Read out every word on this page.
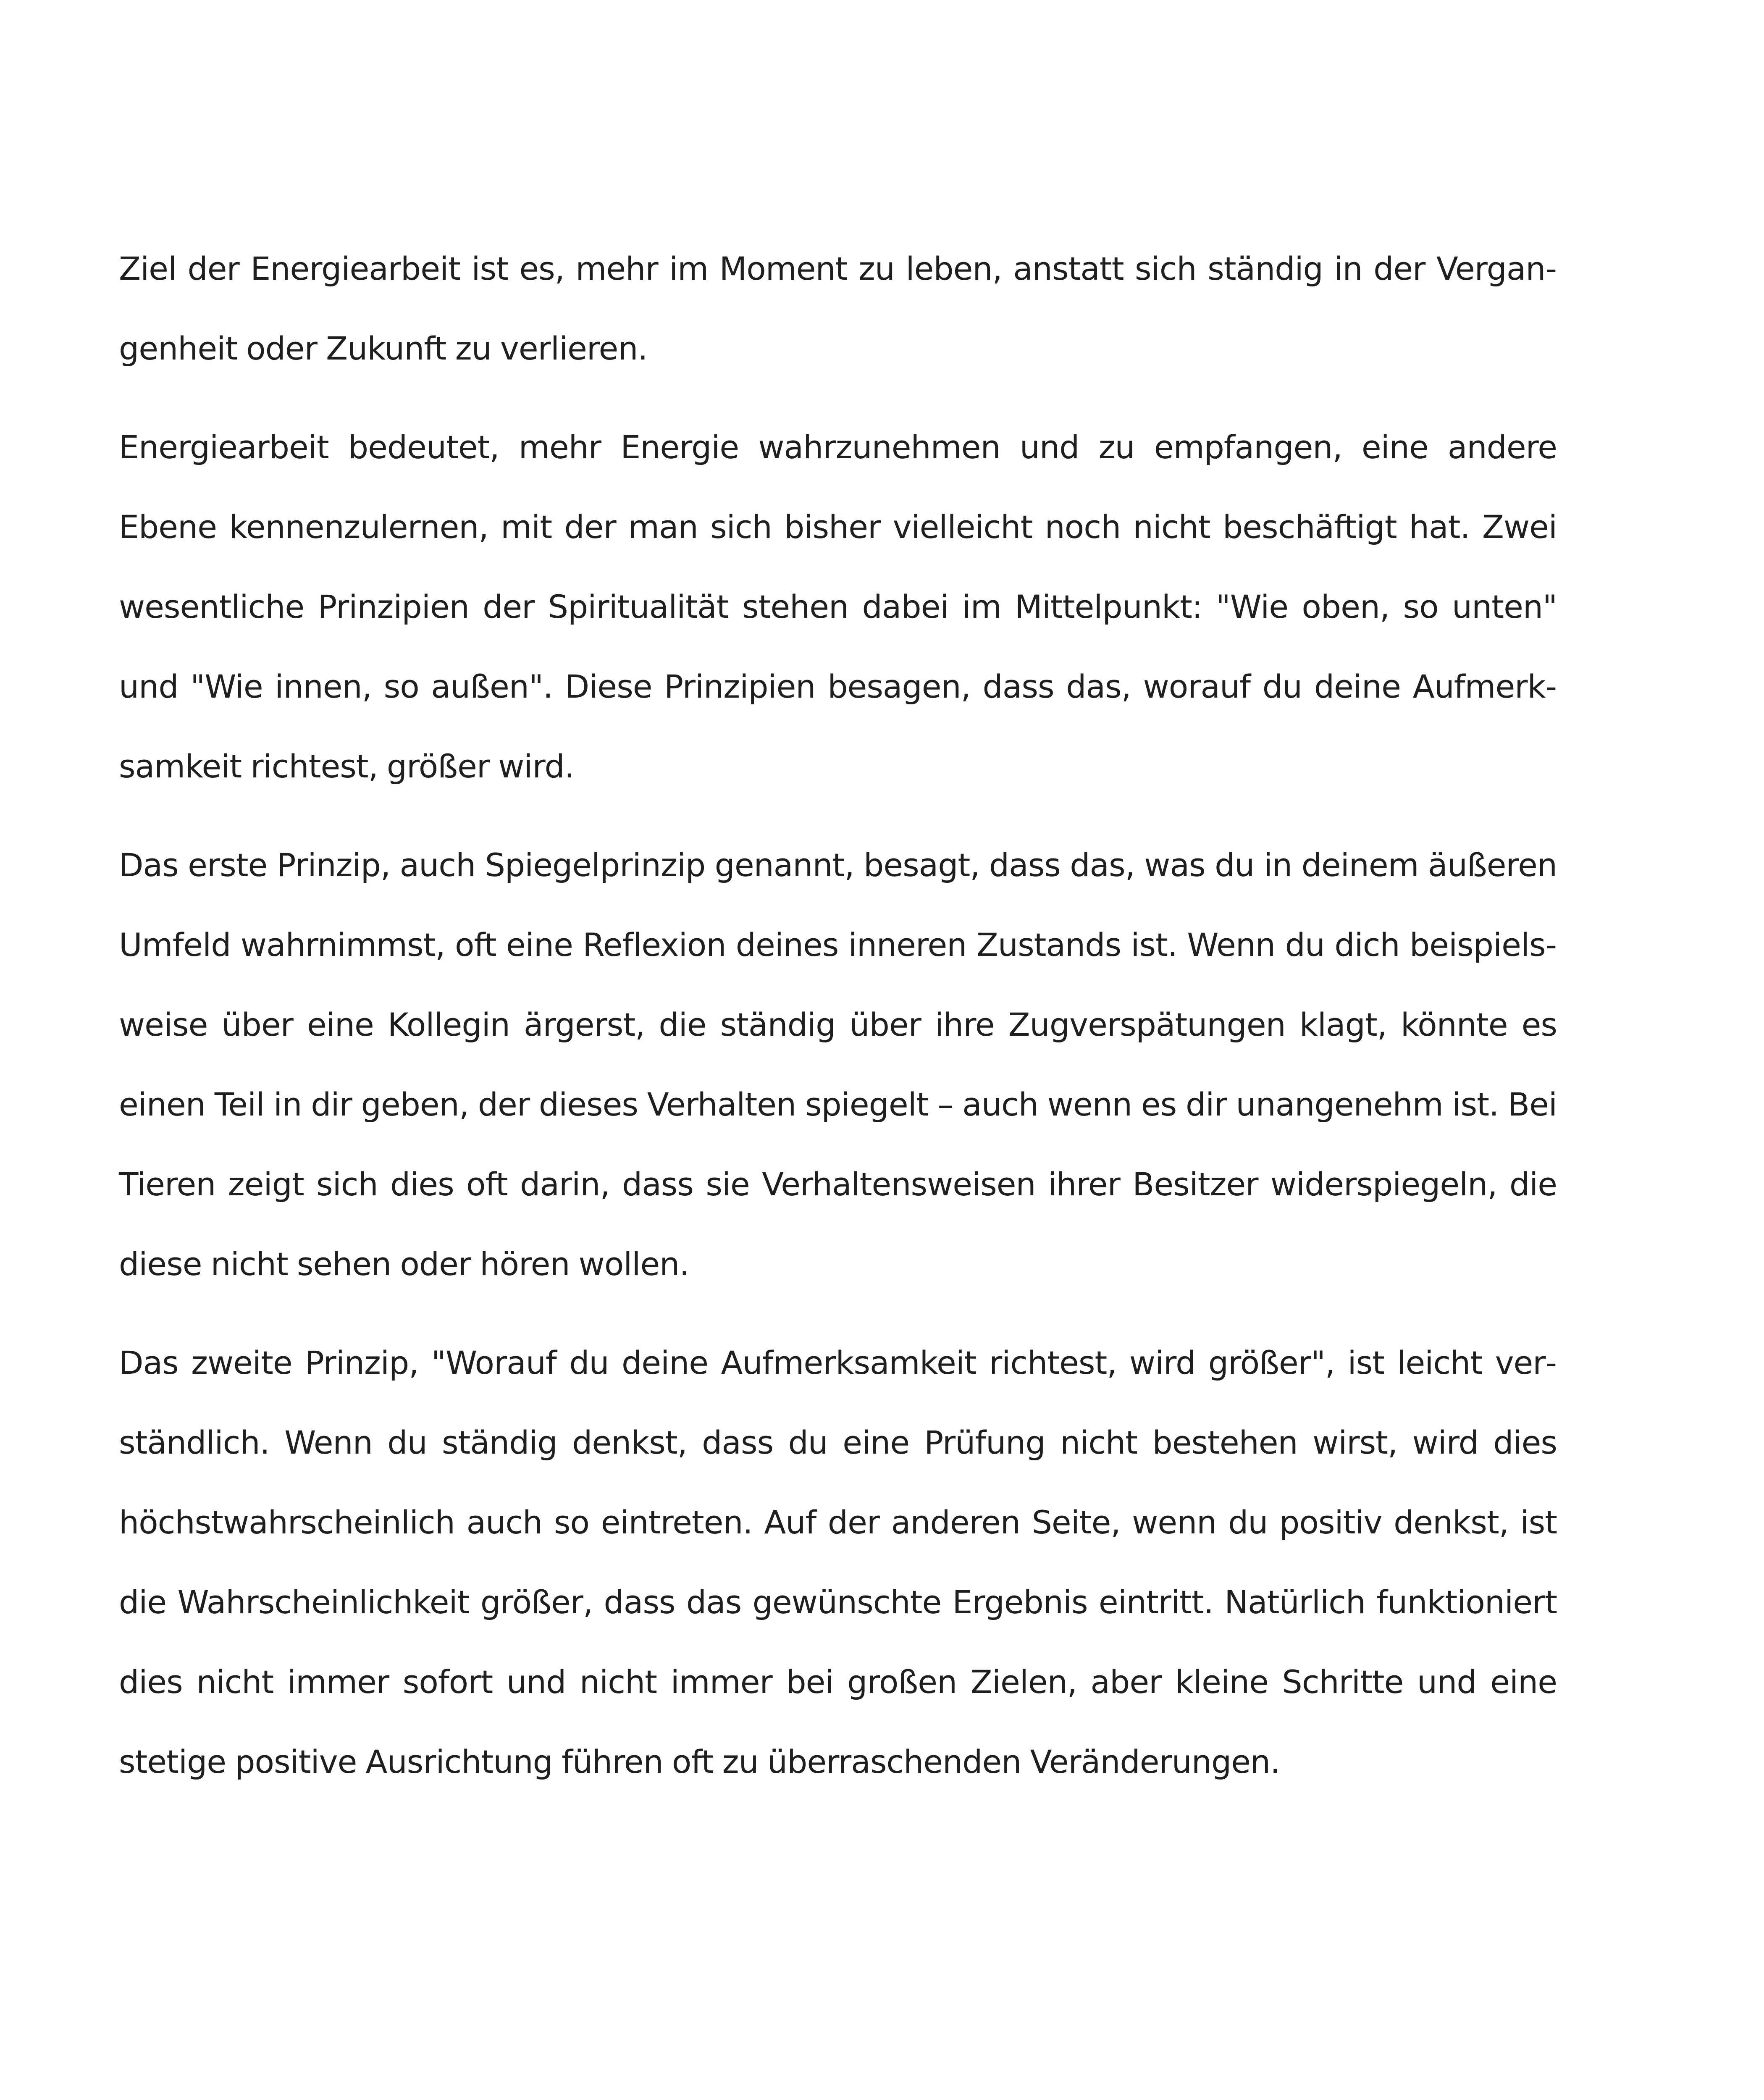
Ziel der Energiearbeit ist es, mehr im Moment zu leben, anstatt sich ständig in der Vergangenheit oder Zukunft zu verlieren.

Energiearbeit bedeutet, mehr Energie wahrzunehmen und zu empfangen, eine andere Ebene kennenzulernen, mit der man sich bisher vielleicht noch nicht beschäftigt hat. Zwei wesentliche Prinzipien der Spiritualität stehen dabei im Mittelpunkt: "Wie oben, so unten" und "Wie innen, so außen". Diese Prinzipien besagen, dass das, worauf du deine Aufmerksamkeit richtest, größer wird.

Das erste Prinzip, auch Spiegelprinzip genannt, besagt, dass das, was du in deinem äußeren Umfeld wahrnimmst, oft eine Reflexion deines inneren Zustands ist. Wenn du dich beispielsweise über eine Kollegin ärgerst, die ständig über ihre Zugverspätungen klagt, könnte es einen Teil in dir geben, der dieses Verhalten spiegelt – auch wenn es dir unangenehm ist. Bei Tieren zeigt sich dies oft darin, dass sie Verhaltensweisen ihrer Besitzer widerspiegeln, die diese nicht sehen oder hören wollen.

Das zweite Prinzip, "Worauf du deine Aufmerksamkeit richtest, wird größer", ist leicht verständlich. Wenn du ständig denkst, dass du eine Prüfung nicht bestehen wirst, wird dies höchstwahrscheinlich auch so eintreten. Auf der anderen Seite, wenn du positiv denkst, ist die Wahrscheinlichkeit größer, dass das gewünschte Ergebnis eintritt. Natürlich funktioniert dies nicht immer sofort und nicht immer bei großen Zielen, aber kleine Schritte und eine stetige positive Ausrichtung führen oft zu überraschenden Veränderungen.
